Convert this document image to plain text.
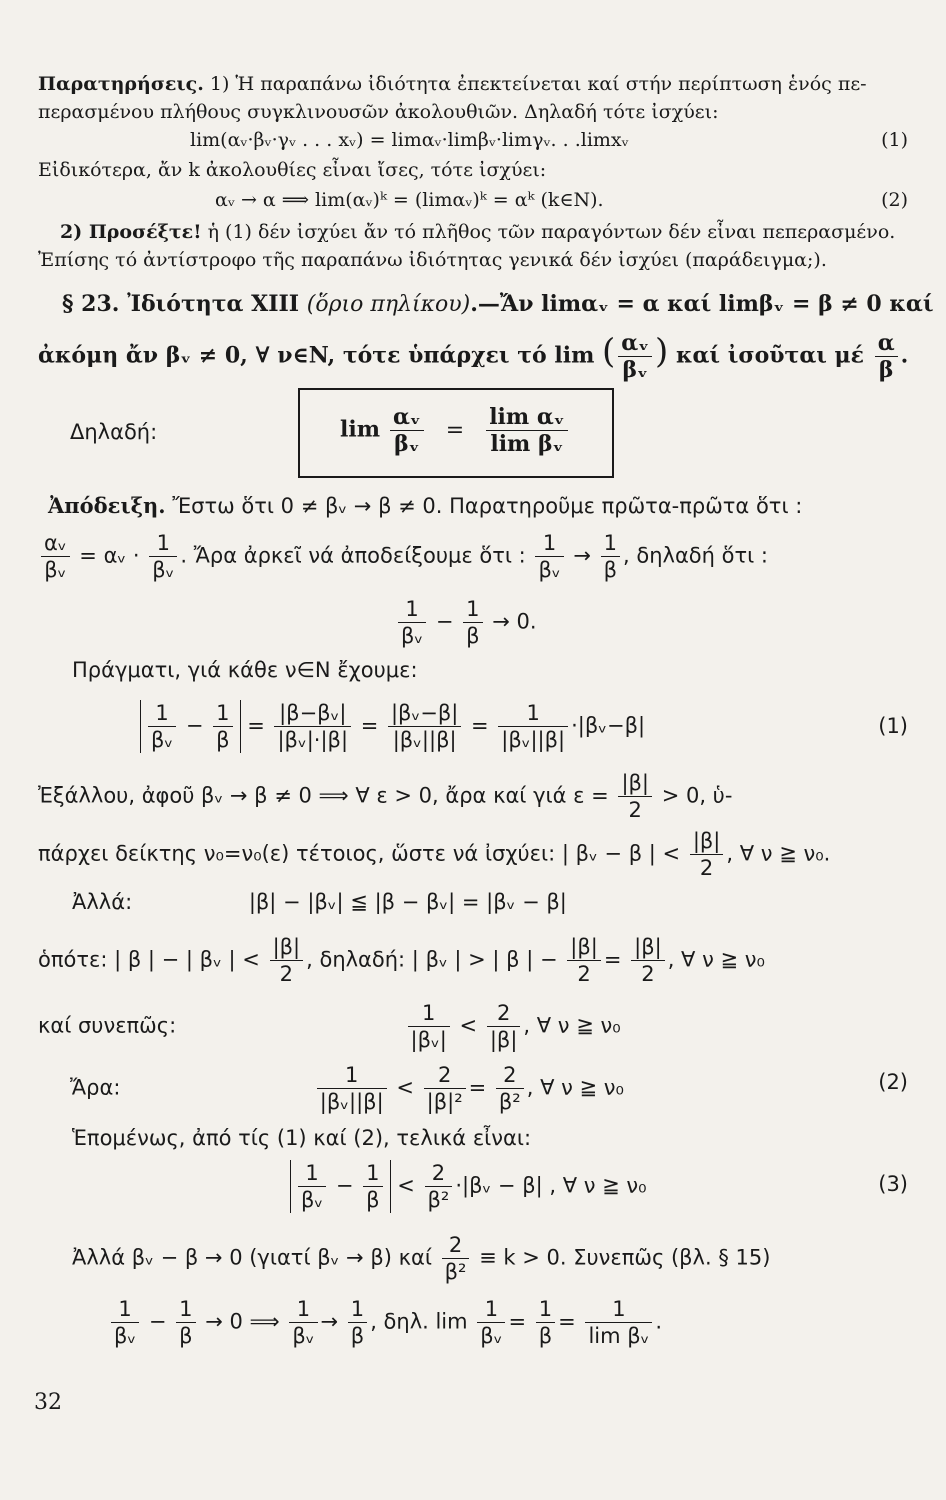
Παρατηρήσεις. 1) Ἡ παραπάνω ἰδιότητα ἐπεκτείνεται καί στήν περίπτωση ἑνός πε-
περασμένου πλήθους συγκλινουσῶν ἀκολουθιῶν. Δηλαδή τότε ἰσχύει:
lim(αᵥ·βᵥ·γᵥ . . . xᵥ) = limαᵥ·limβᵥ·limγᵥ. . .limxᵥ	(1)
Εἰδικότερα, ἄν k ἀκολουθίες εἶναι ἴσες, τότε ἰσχύει:
αᵥ → α ⟹ lim(αᵥ)ᵏ = (limαᵥ)ᵏ = αᵏ (k∈N).	(2)
2) Προσέξτε! ἡ (1) δέν ἰσχύει ἄν τό πλῆθος τῶν παραγόντων δέν εἶναι πεπερασμένο.
Ἐπίσης τό ἀντίστροφο τῆς παραπάνω ἰδιότητας γενικά δέν ἰσχύει (παράδειγμα;).
§ 23. Ἰδιότητα XIII (ὅριο πηλίκου).—Ἄν limαᵥ = α καί limβᵥ = β ≠ 0 καί
ἀκόμη ἄν βᵥ ≠ 0, ∀ ν∈N, τότε ὑπάρχει τό lim ( $\frac{\text{αᵥ}}{\text{βᵥ}}$ ) καί ἰσοῦται μέ $\frac{\alpha}{\beta}$ .
Δηλαδή:	$\lim \frac{\text{αᵥ}}{\text{βᵥ}} = \frac{\text{lim αᵥ}}{\text{lim βᵥ}}$
Ἀπόδειξη. Ἔστω ὅτι 0 ≠ βᵥ → β ≠ 0. Παρατηροῦμε πρῶτα-πρῶτα ὅτι :
$\frac{\text{αᵥ}}{\text{βᵥ}}$ = αᵥ · $\frac{1}{\text{βᵥ}}$ . Ἄρα ἀρκεῖ νά ἀποδείξουμε ὅτι : $\frac{1}{\text{βᵥ}} \to \frac{1}{\beta}$ , δηλαδή ὅτι :
$\frac{1}{\text{βᵥ}} - \frac{1}{\beta} \to 0$.
Πράγματι, γιά κάθε ν∈N ἔχουμε:
$\frac{1}{\text{βᵥ}} - \frac{1}{\beta} = \frac{\text{|β−βᵥ|}}{\text{|βᵥ|·|β|}} = \frac{\text{|βᵥ−β|}}{\text{|βᵥ||β|}} = \frac{1}{\text{|βᵥ||β|}}$ ·|βᵥ−β|	(1)
Ἐξάλλου, ἀφοῦ βᵥ → β ≠ 0 ⟹ ∀ ε > 0, ἄρα καί γιά $\varepsilon = \frac{|\beta|}{2} > 0$, ὑ-
πάρχει δείκτης ν₀=ν₀(ε) τέτοιος, ὥστε νά ἰσχύει: | βᵥ − β | < $\frac{|\beta|}{2}$ , ∀ ν ≧ ν₀.
Ἀλλά:	|β| − |βᵥ| ≦ |β − βᵥ| = |βᵥ − β|
ὁπότε: | β | − | βᵥ | < $\frac{|\beta|}{2}$ , δηλαδή: | βᵥ | > | β | − $\frac{|\beta|}{2} = \frac{|\beta|}{2}$ , ∀ ν ≧ ν₀
καί συνεπῶς:	$\frac{1}{\text{|βᵥ|}} < \frac{2}{|\beta|}$ , ∀ ν ≧ ν₀
Ἄρα:	$\frac{1}{\text{|βᵥ||β|}} < \frac{2}{\text{|β|²}} = \frac{2}{\text{β²}}$ , ∀ ν ≧ ν₀	(2)
Ἑπομένως, ἀπό τίς (1) καί (2), τελικά εἶναι:
$\frac{1}{\text{βᵥ}} - \frac{1}{\beta} < \frac{2}{\text{β²}}$ ·|βᵥ − β| , ∀ ν ≧ ν₀	(3)
Ἀλλά βᵥ − β → 0 (γιατί βᵥ → β) καί $\frac{2}{\text{β²}} \equiv k > 0$. Συνεπῶς (βλ. § 15)
$\frac{1}{\text{βᵥ}} - \frac{1}{\beta} \to 0$ ⟹ $\frac{1}{\text{βᵥ}} \to \frac{1}{\beta}$ , δηλ. $\lim \frac{1}{\text{βᵥ}} = \frac{1}{\beta} = \frac{1}{\text{lim βᵥ}}$ .
32
